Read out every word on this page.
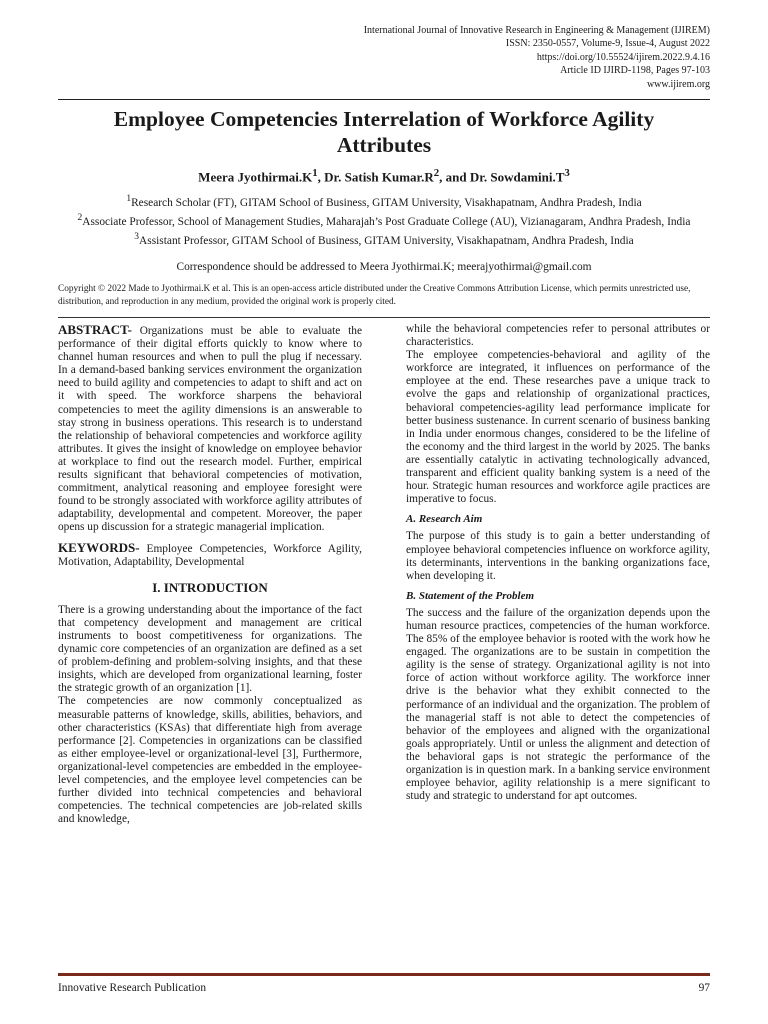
International Journal of Innovative Research in Engineering & Management (IJIREM)
ISSN: 2350-0557, Volume-9, Issue-4, August 2022
https://doi.org/10.55524/ijirem.2022.9.4.16
Article ID IJIRD-1198, Pages 97-103
www.ijirem.org
Employee Competencies Interrelation of Workforce Agility Attributes
Meera $Jyothirmai.K^1$, Dr. Satish $Kumar.R^2$, and Dr. $Sowdamini.T^3$
$^1$Research Scholar (FT), GITAM School of Business, GITAM University, Visakhapatnam, Andhra Pradesh, India
$^2$Associate Professor, School of Management Studies, Maharajah’s Post Graduate College (AU), Vizianagaram, Andhra Pradesh, India
$^3$Assistant Professor, GITAM School of Business, GITAM University, Visakhapatnam, Andhra Pradesh, India
Correspondence should be addressed to Meera Jyothirmai.K; meerajyothirmai@gmail.com
Copyright © 2022 Made to Jyothirmai.K et al. This is an open-access article distributed under the Creative Commons Attribution License, which permits unrestricted use, distribution, and reproduction in any medium, provided the original work is properly cited.

ABSTRACT- Organizations must be able to evaluate the performance of their digital efforts quickly to know where to channel human resources and when to pull the plug if necessary. In a demand-based banking services environment the organization need to build agility and competencies to adapt to shift and act on it with speed. The workforce sharpens the behavioral competencies to meet the agility dimensions is an answerable to stay strong in business operations. This research is to understand the relationship of behavioral competencies and workforce agility attributes. It gives the insight of knowledge on employee behavior at workplace to find out the research model. Further, empirical results significant that behavioral competencies of motivation, commitment, analytical reasoning and employee foresight were found to be strongly associated with workforce agility attributes of adaptability, developmental and competent. Moreover, the paper opens up discussion for a strategic managerial implication.

KEYWORDS- Employee Competencies, Workforce Agility, Motivation, Adaptability, Developmental

I. INTRODUCTION

There is a growing understanding about the importance of the fact that competency development and management are critical instruments to boost competitiveness for organizations. The dynamic core competencies of an organization are defined as a set of problem-defining and problem-solving insights, and that these insights, which are developed from organizational learning, foster the strategic growth of an organization [1].

The competencies are now commonly conceptualized as measurable patterns of knowledge, skills, abilities, behaviors, and other characteristics (KSAs) that differentiate high from average performance [2]. Competencies in organizations can be classified as either employee-level or organizational-level [3], Furthermore, organizational-level competencies are embedded in the employee-level competencies, and the employee level competencies can be further divided into technical competencies and behavioral competencies. The technical competencies are job-related skills and knowledge,

while the behavioral competencies refer to personal attributes or characteristics.

The employee competencies-behavioral and agility of the workforce are integrated, it influences on performance of the employee at the end. These researches pave a unique track to evolve the gaps and relationship of organizational practices, behavioral competencies-agility lead performance implicate for better business sustenance. In current scenario of business banking in India under enormous changes, considered to be the lifeline of the economy and the third largest in the world by 2025. The banks are essentially catalytic in activating technologically advanced, transparent and efficient quality banking system is a need of the hour. Strategic human resources and workforce agile practices are imperative to focus.

A. Research Aim

The purpose of this study is to gain a better understanding of employee behavioral competencies influence on workforce agility, its determinants, interventions in the banking organizations face, when developing it.

B. Statement of the Problem

The success and the failure of the organization depends upon the human resource practices, competencies of the human workforce. The 85% of the employee behavior is rooted with the work how he engaged. The organizations are to be sustain in competition the agility is the sense of strategy. Organizational agility is not into force of action without workforce agility. The workforce inner drive is the behavior what they exhibit connected to the performance of an individual and the organization. The problem of the managerial staff is not able to detect the competencies of behavior of the employees and aligned with the organizational goals appropriately. Until or unless the alignment and detection of the behavioral gaps is not strategic the performance of the organization is in question mark. In a banking service environment employee behavior, agility relationship is a mere significant to study and strategic to understand for apt outcomes.

Innovative Research Publication	97
